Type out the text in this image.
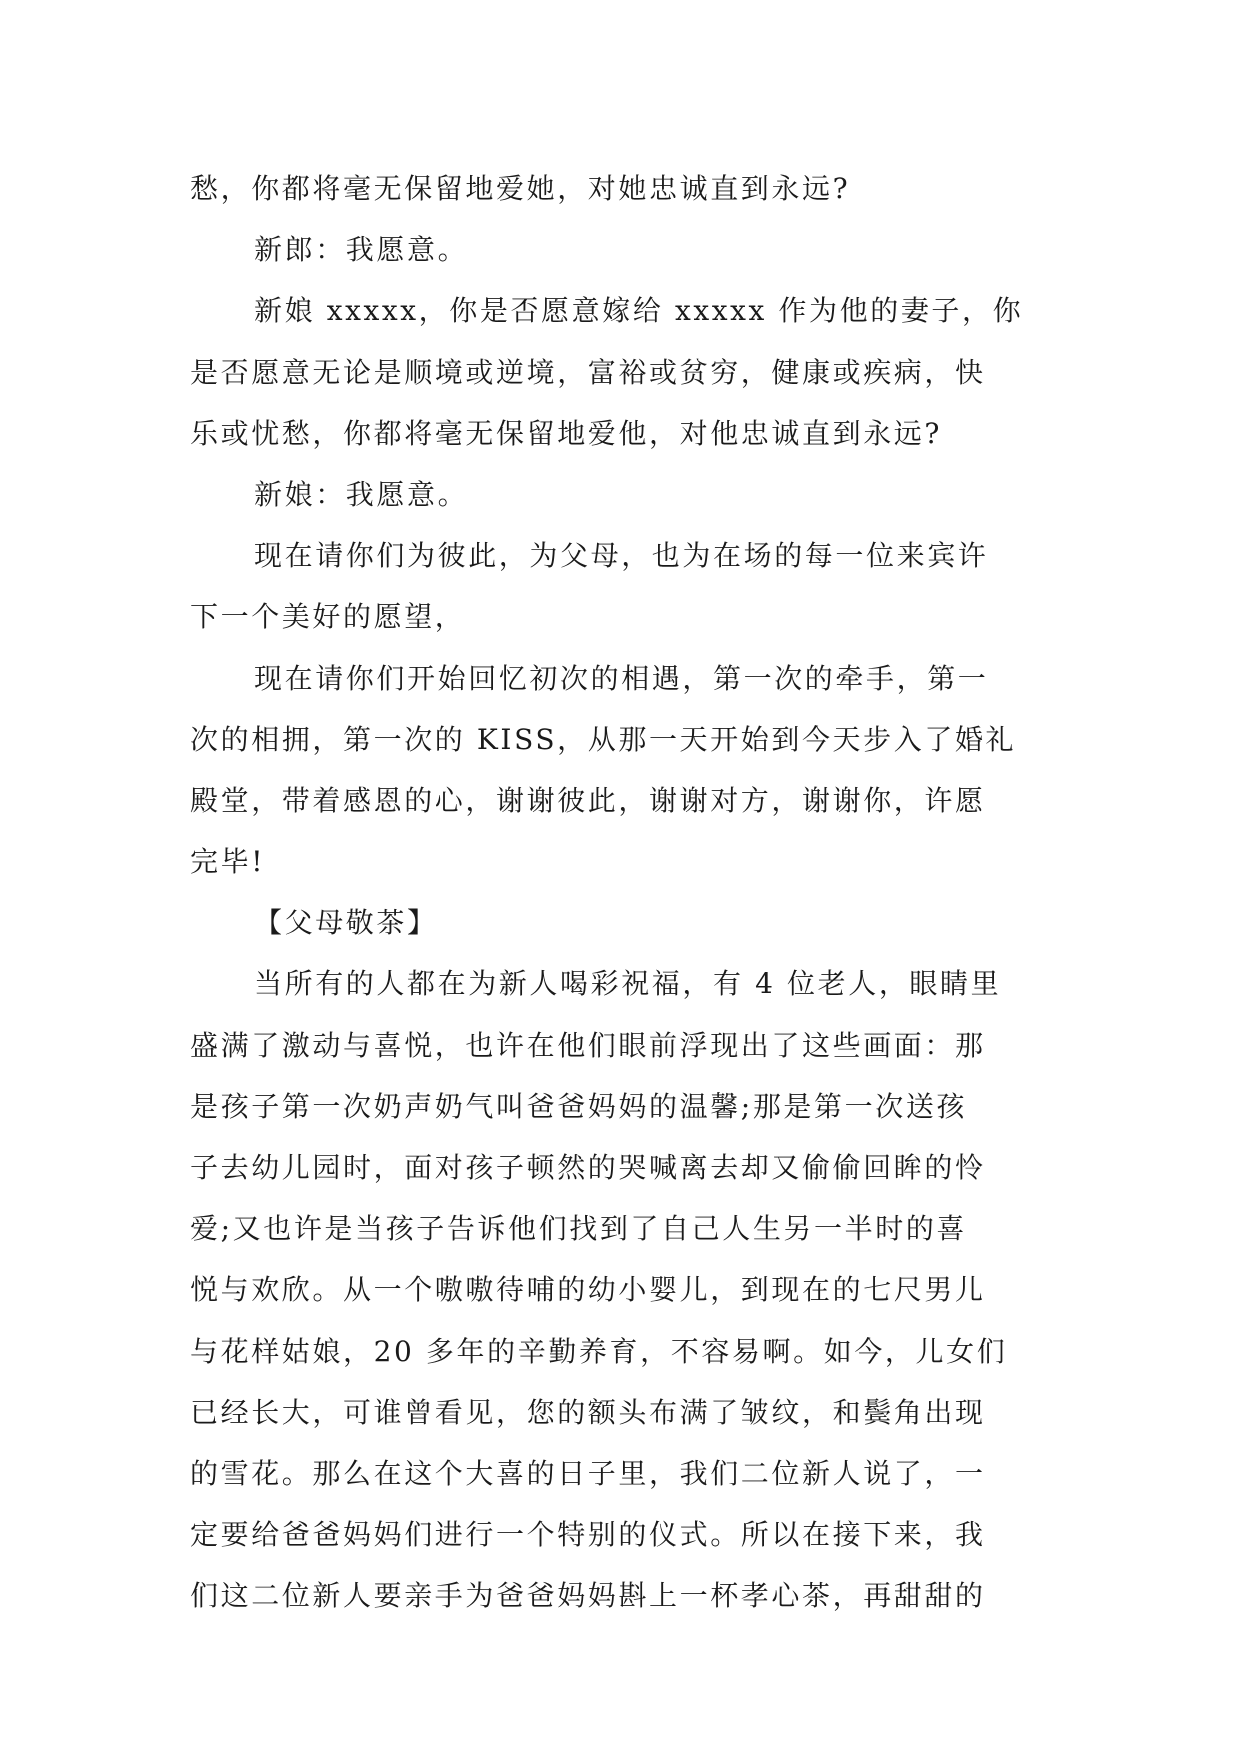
愁，你都将毫无保留地爱她，对她忠诚直到永远?
新郎：我愿意。
新娘 xxxxx，你是否愿意嫁给 xxxxx 作为他的妻子，你
是否愿意无论是顺境或逆境，富裕或贫穷，健康或疾病，快
乐或忧愁，你都将毫无保留地爱他，对他忠诚直到永远?
新娘：我愿意。
现在请你们为彼此，为父母，也为在场的每一位来宾许
下一个美好的愿望，
现在请你们开始回忆初次的相遇，第一次的牵手，第一
次的相拥，第一次的 KISS，从那一天开始到今天步入了婚礼
殿堂，带着感恩的心，谢谢彼此，谢谢对方，谢谢你，许愿
完毕!
【父母敬茶】
当所有的人都在为新人喝彩祝福，有 4 位老人，眼睛里
盛满了激动与喜悦，也许在他们眼前浮现出了这些画面：那
是孩子第一次奶声奶气叫爸爸妈妈的温馨;那是第一次送孩
子去幼儿园时，面对孩子顿然的哭喊离去却又偷偷回眸的怜
爱;又也许是当孩子告诉他们找到了自己人生另一半时的喜
悦与欢欣。从一个嗷嗷待哺的幼小婴儿，到现在的七尺男儿
与花样姑娘，20 多年的辛勤养育，不容易啊。如今，儿女们
已经长大，可谁曾看见，您的额头布满了皱纹，和鬓角出现
的雪花。那么在这个大喜的日子里，我们二位新人说了，一
定要给爸爸妈妈们进行一个特别的仪式。所以在接下来，我
们这二位新人要亲手为爸爸妈妈斟上一杯孝心茶，再甜甜的
